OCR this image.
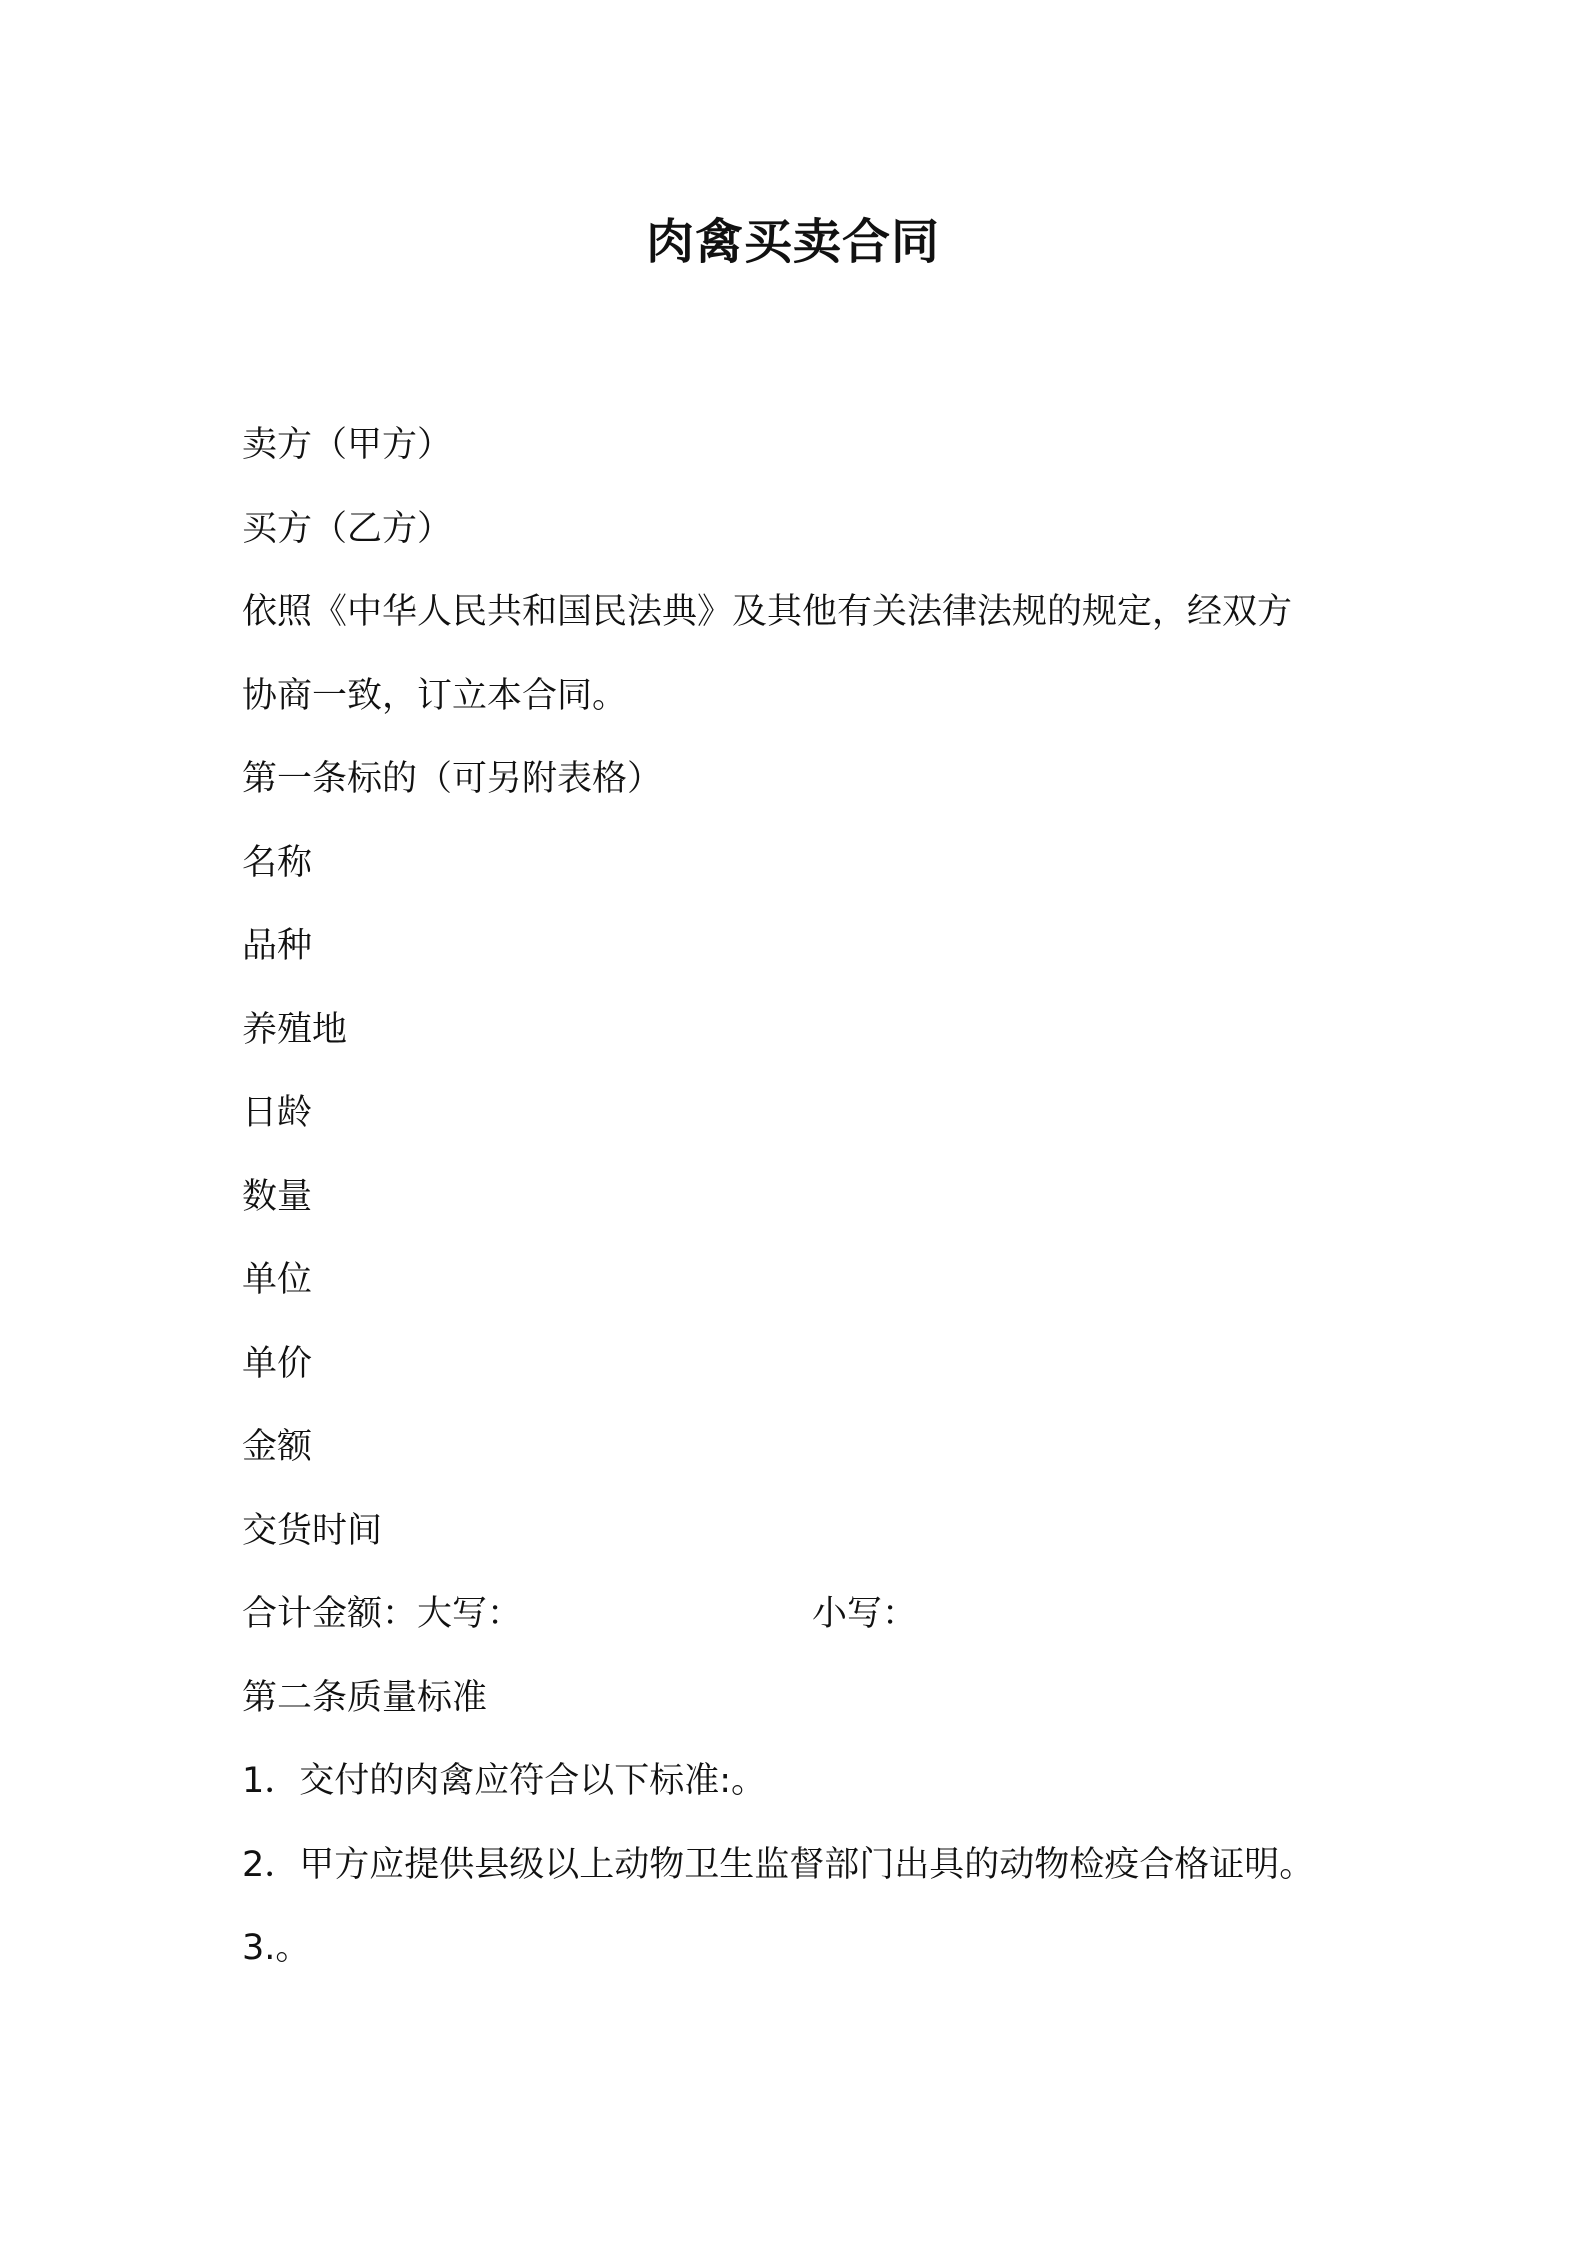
肉禽买卖合同

卖方（甲方）

买方（乙方）

依照《中华人民共和国民法典》及其他有关法律法规的规定，经双方

协商一致，订立本合同。

第一条标的（可另附表格）

名称

品种

养殖地

日龄

数量

单位

单价

金额

交货时间

合计金额：大写：	小写：

第二条质量标准

1．交付的肉禽应符合以下标准:。

2．甲方应提供县级以上动物卫生监督部门出具的动物检疫合格证明。

3.。
